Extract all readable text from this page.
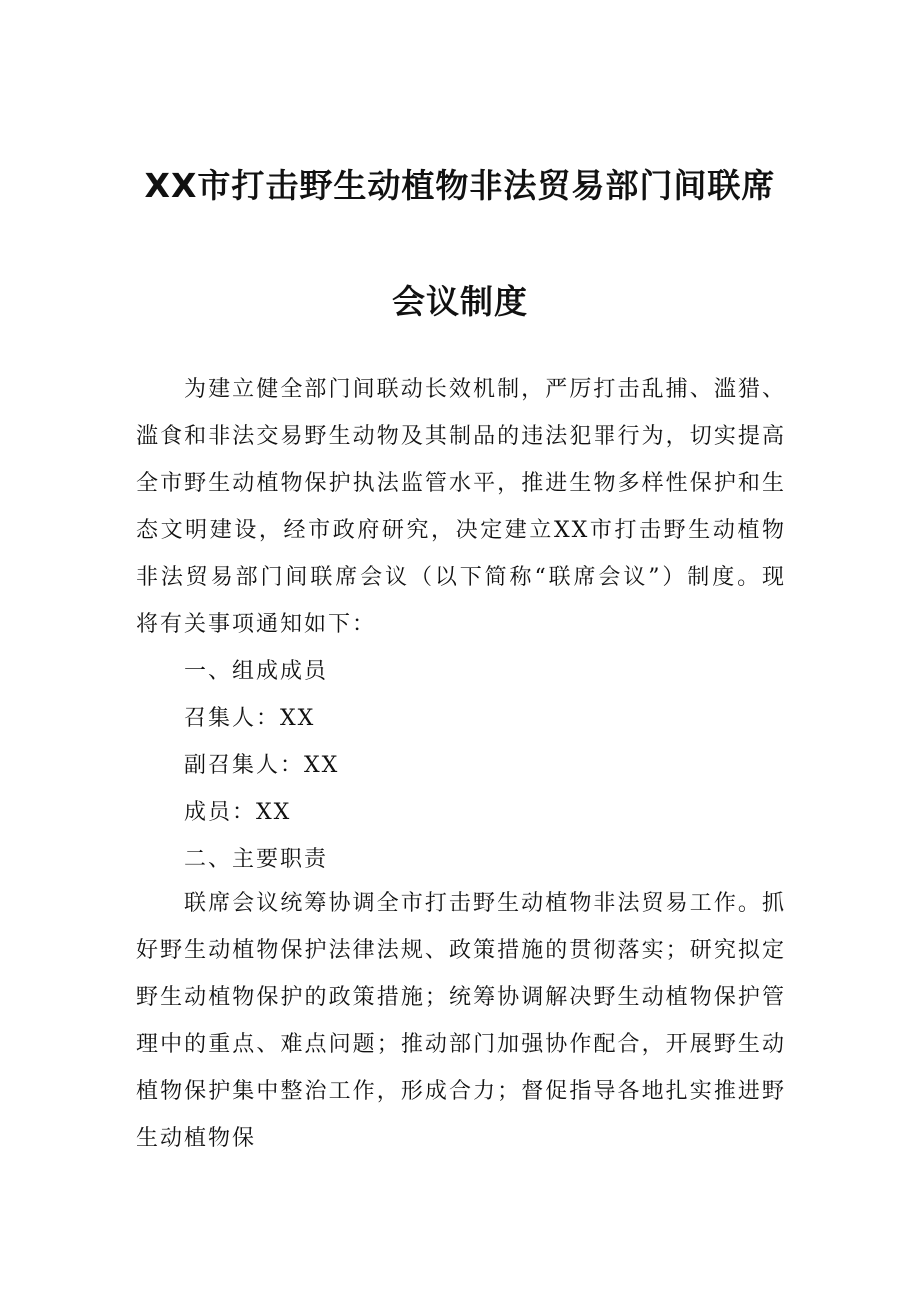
XX市打击野生动植物非法贸易部门间联席
会议制度

为建立健全部门间联动长效机制，严厉打击乱捕、滥猎、滥食和非法交易野生动物及其制品的违法犯罪行为，切实提高全市野生动植物保护执法监管水平，推进生物多样性保护和生态文明建设，经市政府研究，决定建立XX市打击野生动植物非法贸易部门间联席会议（以下简称“联席会议”）制度。现将有关事项通知如下：

一、组成成员

召集人：XX

副召集人：XX

成员：XX

二、主要职责

联席会议统筹协调全市打击野生动植物非法贸易工作。抓好野生动植物保护法律法规、政策措施的贯彻落实；研究拟定野生动植物保护的政策措施；统筹协调解决野生动植物保护管理中的重点、难点问题；推动部门加强协作配合，开展野生动植物保护集中整治工作，形成合力；督促指导各地扎实推进野生动植物保
